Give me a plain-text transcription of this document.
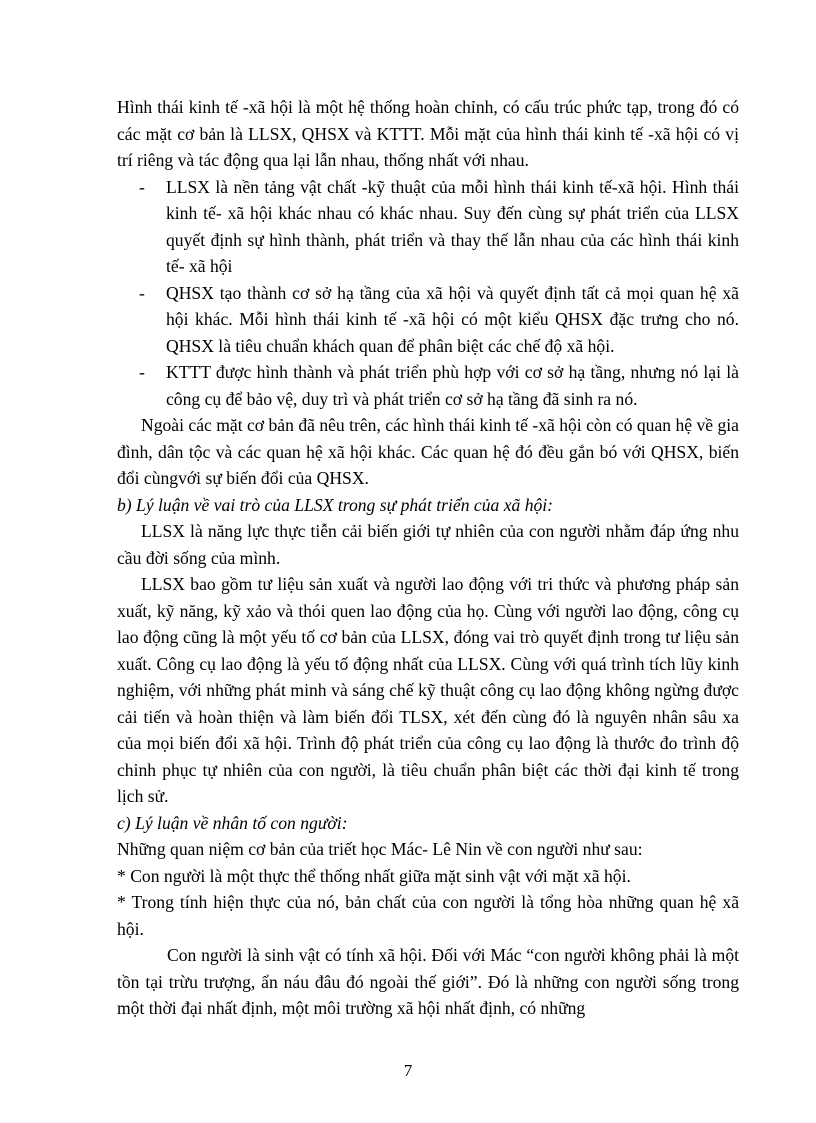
Hình thái kinh tế -xã hội là một hệ thống hoàn chỉnh, có cấu trúc phức tạp, trong đó có các mặt cơ bản là LLSX, QHSX và KTTT. Mỗi mặt của hình thái kinh tế -xã hội có vị trí riêng và tác động qua lại lẫn nhau, thống nhất với nhau.

-	LLSX là nền tảng vật chất -kỹ thuật của mỗi hình thái kinh tế-xã hội. Hình thái kinh tế- xã hội khác nhau có khác nhau. Suy đến cùng sự phát triển của LLSX quyết định sự hình thành, phát triển và thay thế lẫn nhau của các hình thái kinh tế- xã hội
-	QHSX tạo thành cơ sở hạ tầng của xã hội và quyết định tất cả mọi quan hệ xã hội khác. Mỗi hình thái kinh tế -xã hội có một kiểu QHSX đặc trưng cho nó. QHSX là tiêu chuẩn khách quan để phân biệt các chế độ xã hội.
-	KTTT được hình thành và phát triển phù hợp với cơ sở hạ tầng, nhưng nó lại là công cụ để bảo vệ, duy trì và phát triển cơ sở hạ tầng đã sinh ra nó.

Ngoài các mặt cơ bản đã nêu trên, các hình thái kinh tế -xã hội còn có quan hệ về gia đình, dân tộc và các quan hệ xã hội khác. Các quan hệ đó đều gắn bó với QHSX, biến đổi cùngvới sự biến đổi của QHSX.

b) Lý luận về vai trò của LLSX trong sự phát triển của xã hội:

LLSX là năng lực thực tiễn cải biến giới tự nhiên của con người nhằm đáp ứng nhu cầu đời sống của mình.

LLSX bao gồm tư liệu sản xuất và người lao động với tri thức và phương pháp sản xuất, kỹ năng, kỹ xảo và thói quen lao động của họ. Cùng với người lao động, công cụ lao động cũng là một yếu tố cơ bản của LLSX, đóng vai trò quyết định trong tư liệu sản xuất. Công cụ lao động là yếu tố động nhất của LLSX. Cùng với quá trình tích lũy kinh nghiệm, với những phát minh và sáng chế kỹ thuật công cụ lao động không ngừng được cải tiến và hoàn thiện và làm biến đổi TLSX, xét đến cùng đó là nguyên nhân sâu xa của mọi biến đổi xã hội. Trình độ phát triển của công cụ lao động là thước đo trình độ chinh phục tự nhiên của con người, là tiêu chuẩn phân biệt các thời đại kinh tế trong lịch sử.

c) Lý luận về nhân tố con người:

Những quan niệm cơ bản của triết học Mác- Lê Nin về con người như sau:

* Con người là một thực thể thống nhất giữa mặt sinh vật với mặt xã hội.

* Trong tính hiện thực của nó, bản chất của con người là tổng hòa những quan hệ xã hội.

Con người là sinh vật có tính xã hội. Đối với Mác “con người không phải là một tồn tại trừu trượng, ẩn náu đâu đó ngoài thế giới”. Đó là những con người sống trong một thời đại nhất định, một môi trường xã hội nhất định, có những

7
